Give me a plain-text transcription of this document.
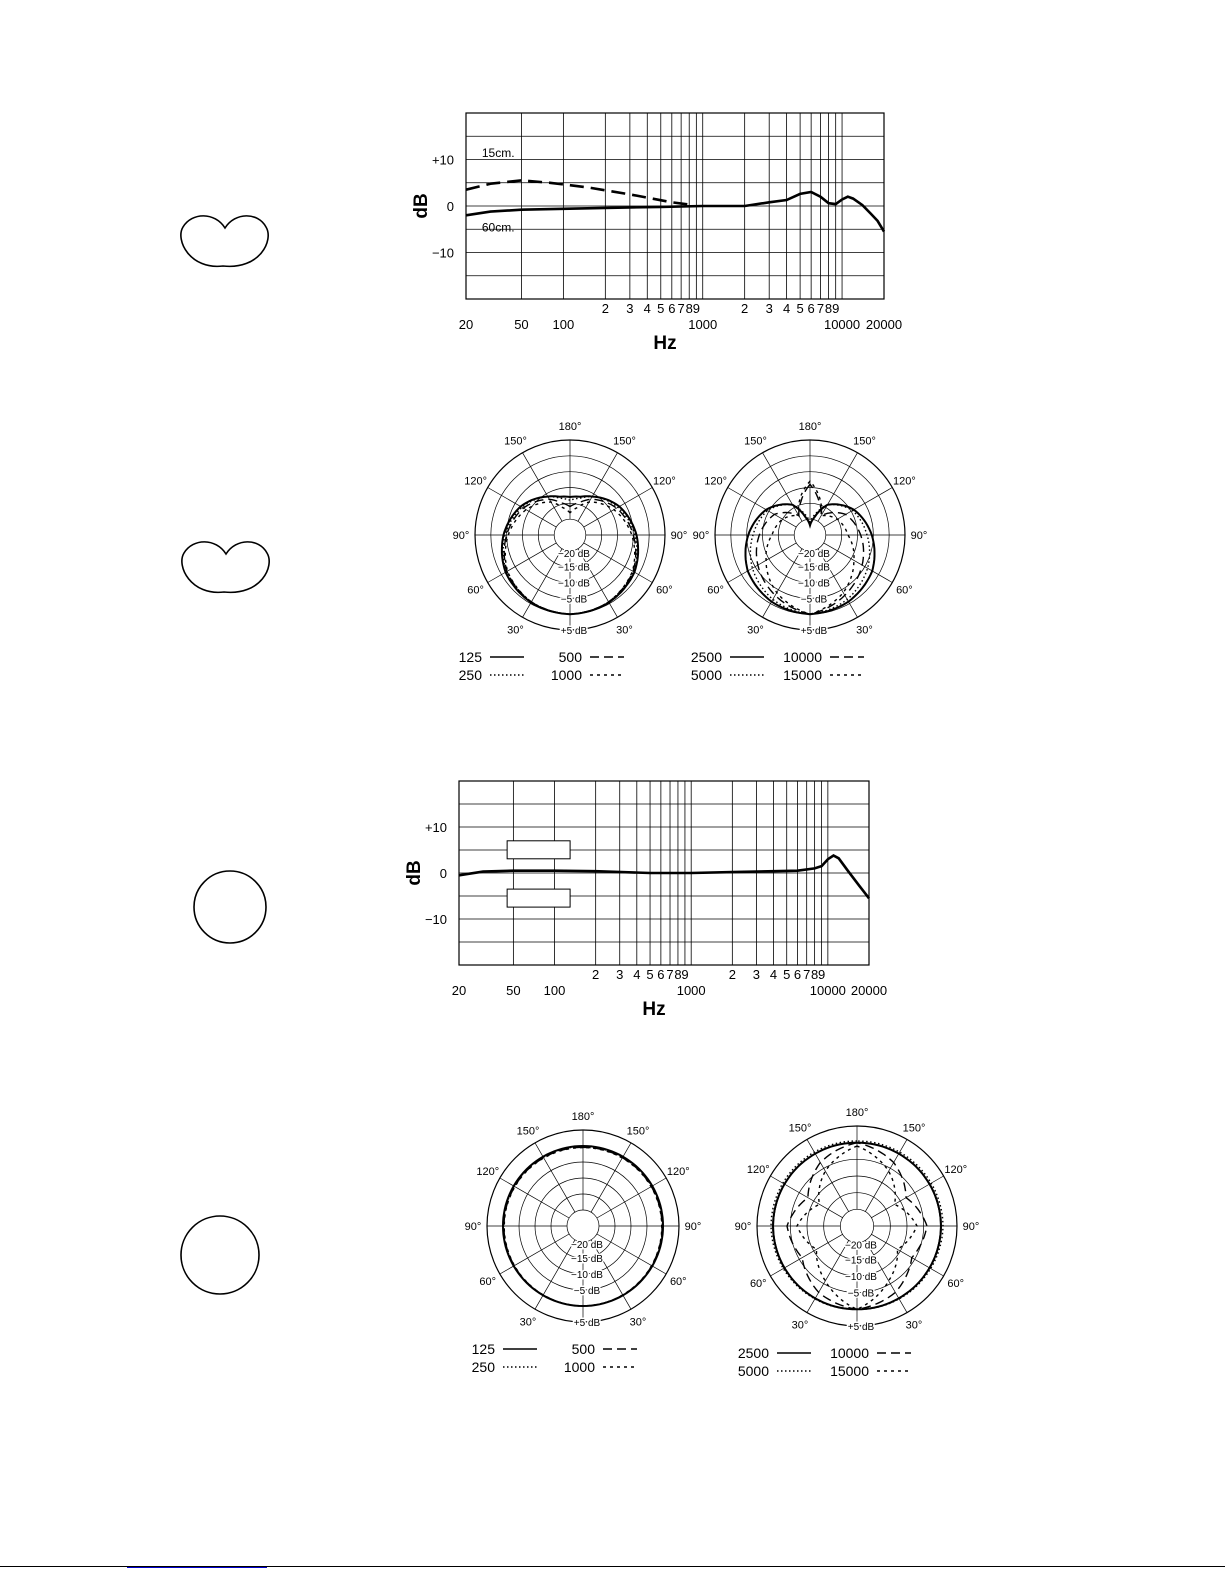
20	50 100
2 3 4 5 6 7 8 9
1000
2 3 4 5 6 7 8 9
10000 20000
+10
0
−10
Hz
dB
15cm.
60cm.
180°
150°
150°
120°
120°
90°
90°
60°
60°
30°
30°
−20 dB
−15 dB
−10 dB
−5 dB
+5 dB
125
250
500
1000
180°
150°
150°
120°
120°
90°
90°
60°
60°
30°
30°
−20 dB
−15 dB
−10 dB
−5 dB
+5 dB
2500
5000
10000
15000
20	50 100
2 3 4 5 6 7 8 9
1000
2 3 4 5 6 7 8 9
10000 20000
+10
0
−10
Hz
dB
180°
150°
150°
120°
120°
90°
90°
60°
60°
30°
30°
−20 dB
−15 dB
−10 dB
−5 dB
+5 dB
125
250
500
1000
180°
150°
150°
120°
120°
90°
90°
60°
60°
30°
30°
−20 dB
−15 dB
−10 dB
−5 dB
+5 dB
2500
5000
10000
15000
